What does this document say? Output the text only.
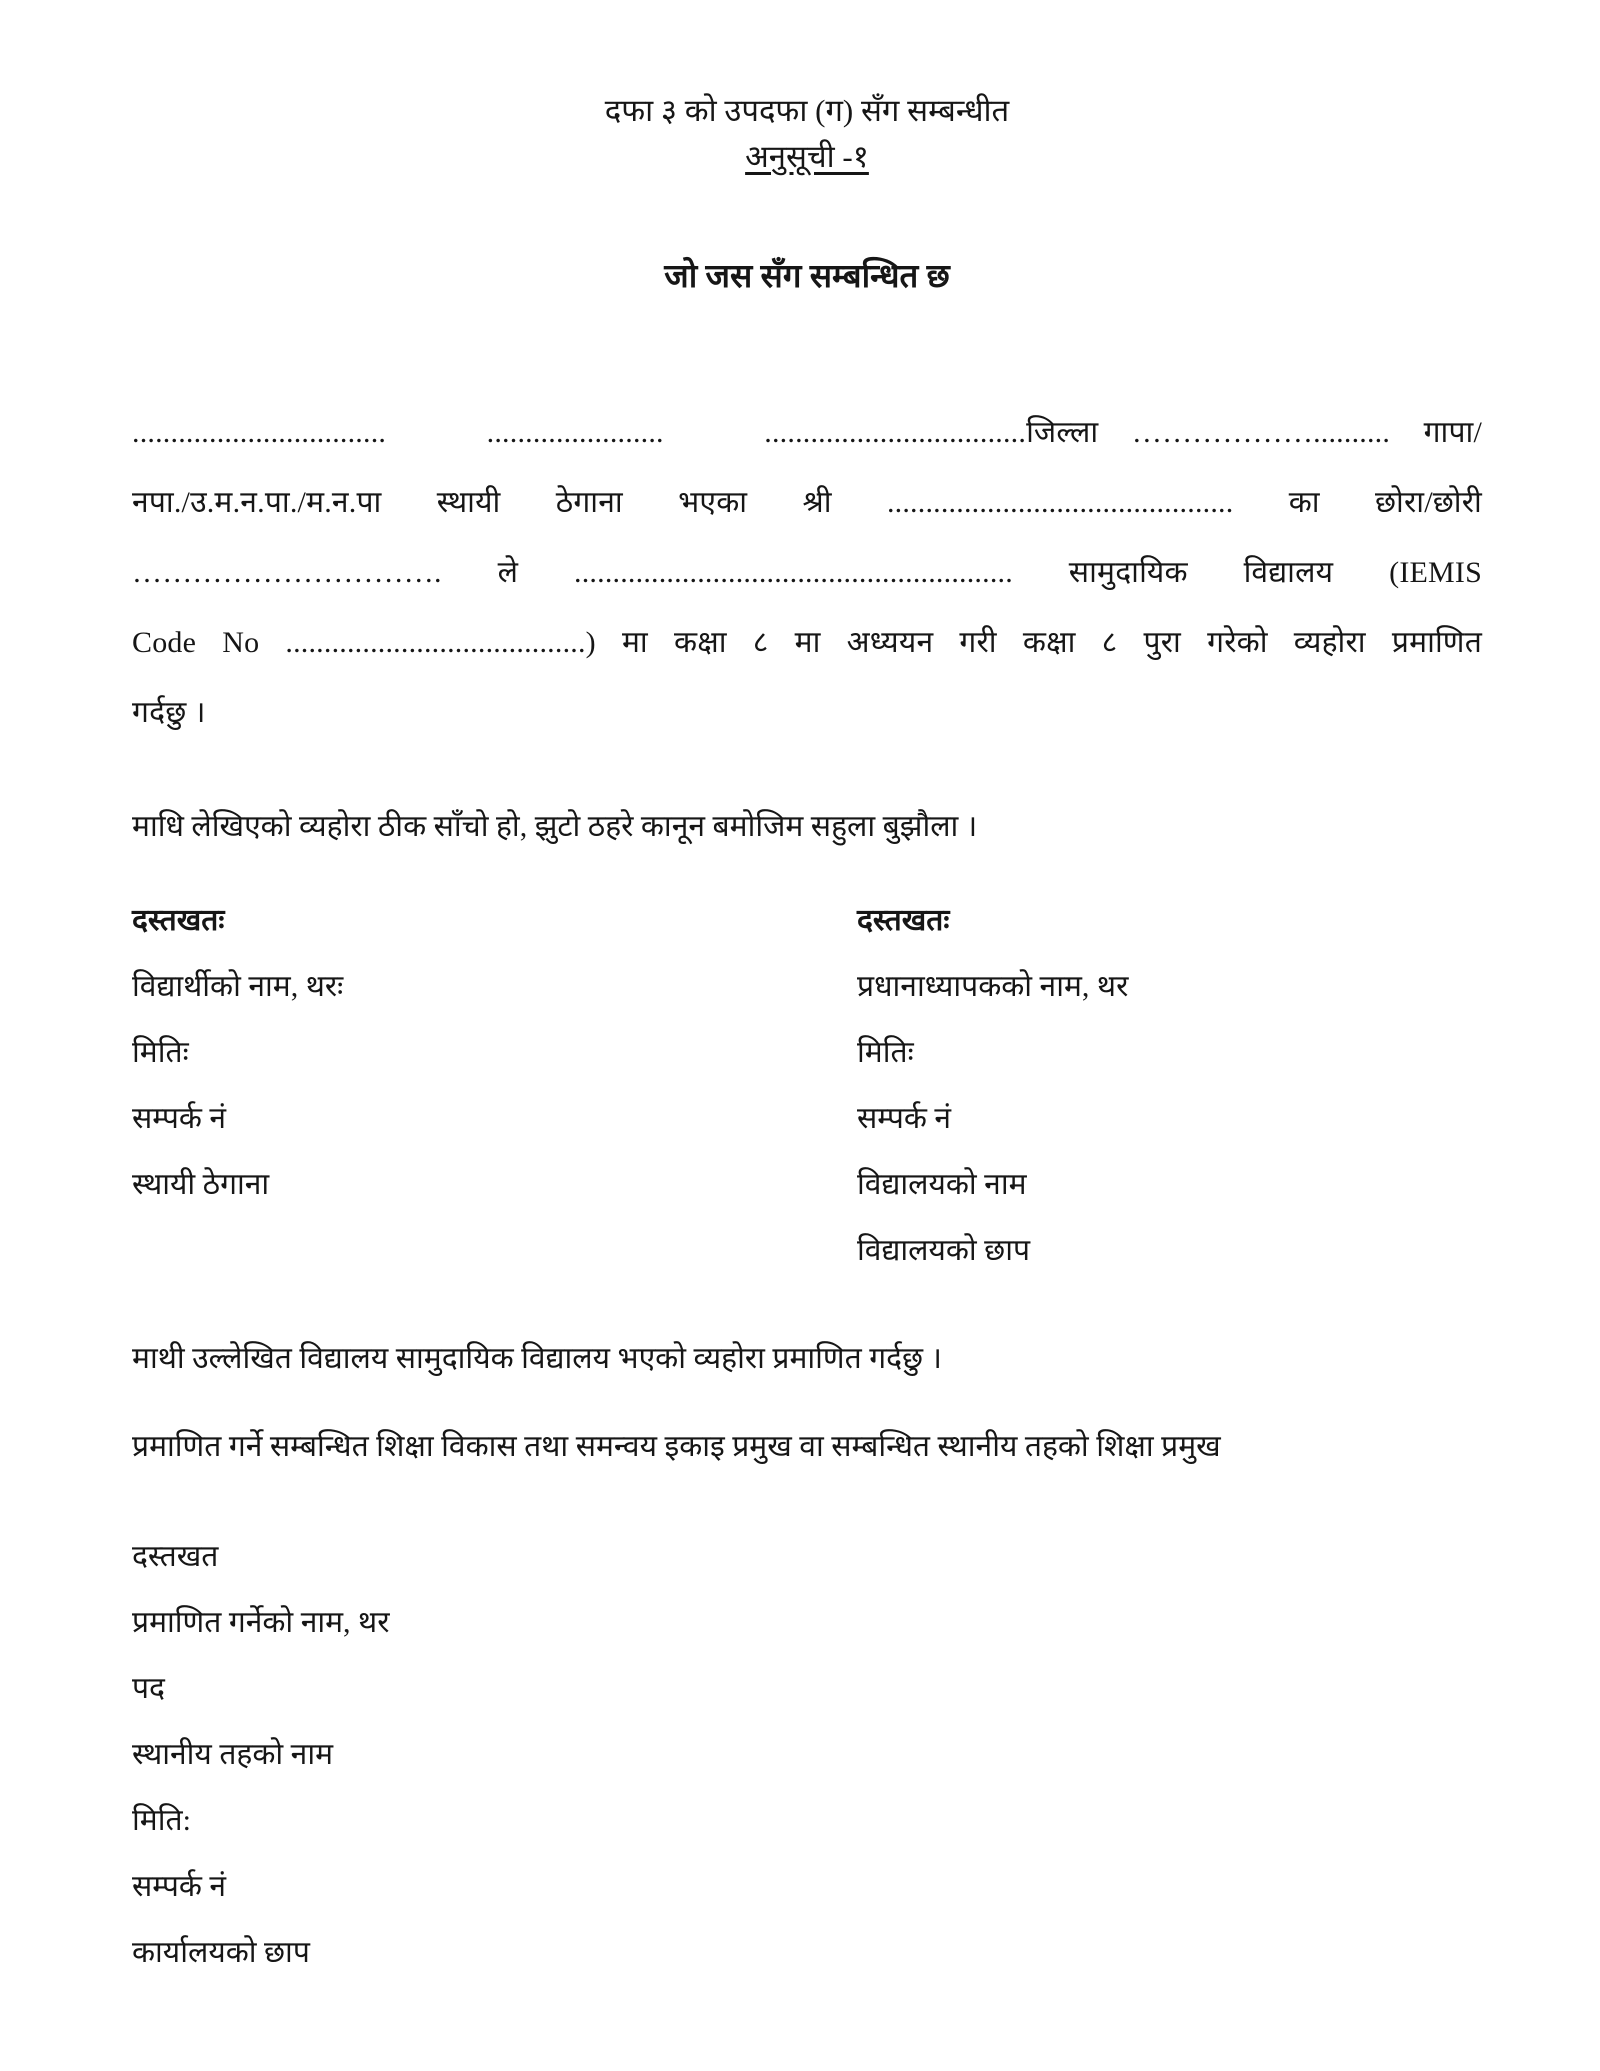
दफा ३ को उपदफा (ग) सँग सम्बन्धीत
अनुसूची -१
जो जस सँग सम्बन्धित छ
.................................   .......................   ..................................जिल्ला ……………….......... गापा/
नपा./उ.म.न.पा./म.न.पा स्थायी ठेगाना भएका श्री ............................................. का छोरा/छोरी
…………………………. ले ......................................................... सामुदायिक विद्यालय (IEMIS
Code No .......................................) मा कक्षा ८ मा अध्ययन गरी कक्षा ८ पुरा गरेको व्यहोरा प्रमाणित
गर्दछु ।
माधि लेखिएको व्यहोरा ठीक साँचो हो, झुटो ठहरे कानून बमोजिम सहुला बुझौला ।
दस्तखतः
विद्यार्थीको नाम, थरः
मितिः
सम्पर्क नं
स्थायी ठेगाना
दस्तखतः
प्रधानाध्यापकको नाम, थर
मितिः
सम्पर्क नं
विद्यालयको नाम
विद्यालयको छाप
माथी उल्लेखित विद्यालय सामुदायिक विद्यालय भएको व्यहोरा प्रमाणित गर्दछु ।
प्रमाणित गर्ने सम्बन्धित शिक्षा विकास तथा समन्वय इकाइ प्रमुख वा सम्बन्धित स्थानीय तहको शिक्षा प्रमुख
दस्तखत
प्रमाणित गर्नेको नाम, थर
पद
स्थानीय तहको नाम
मिति:
सम्पर्क नं
कार्यालयको छाप
